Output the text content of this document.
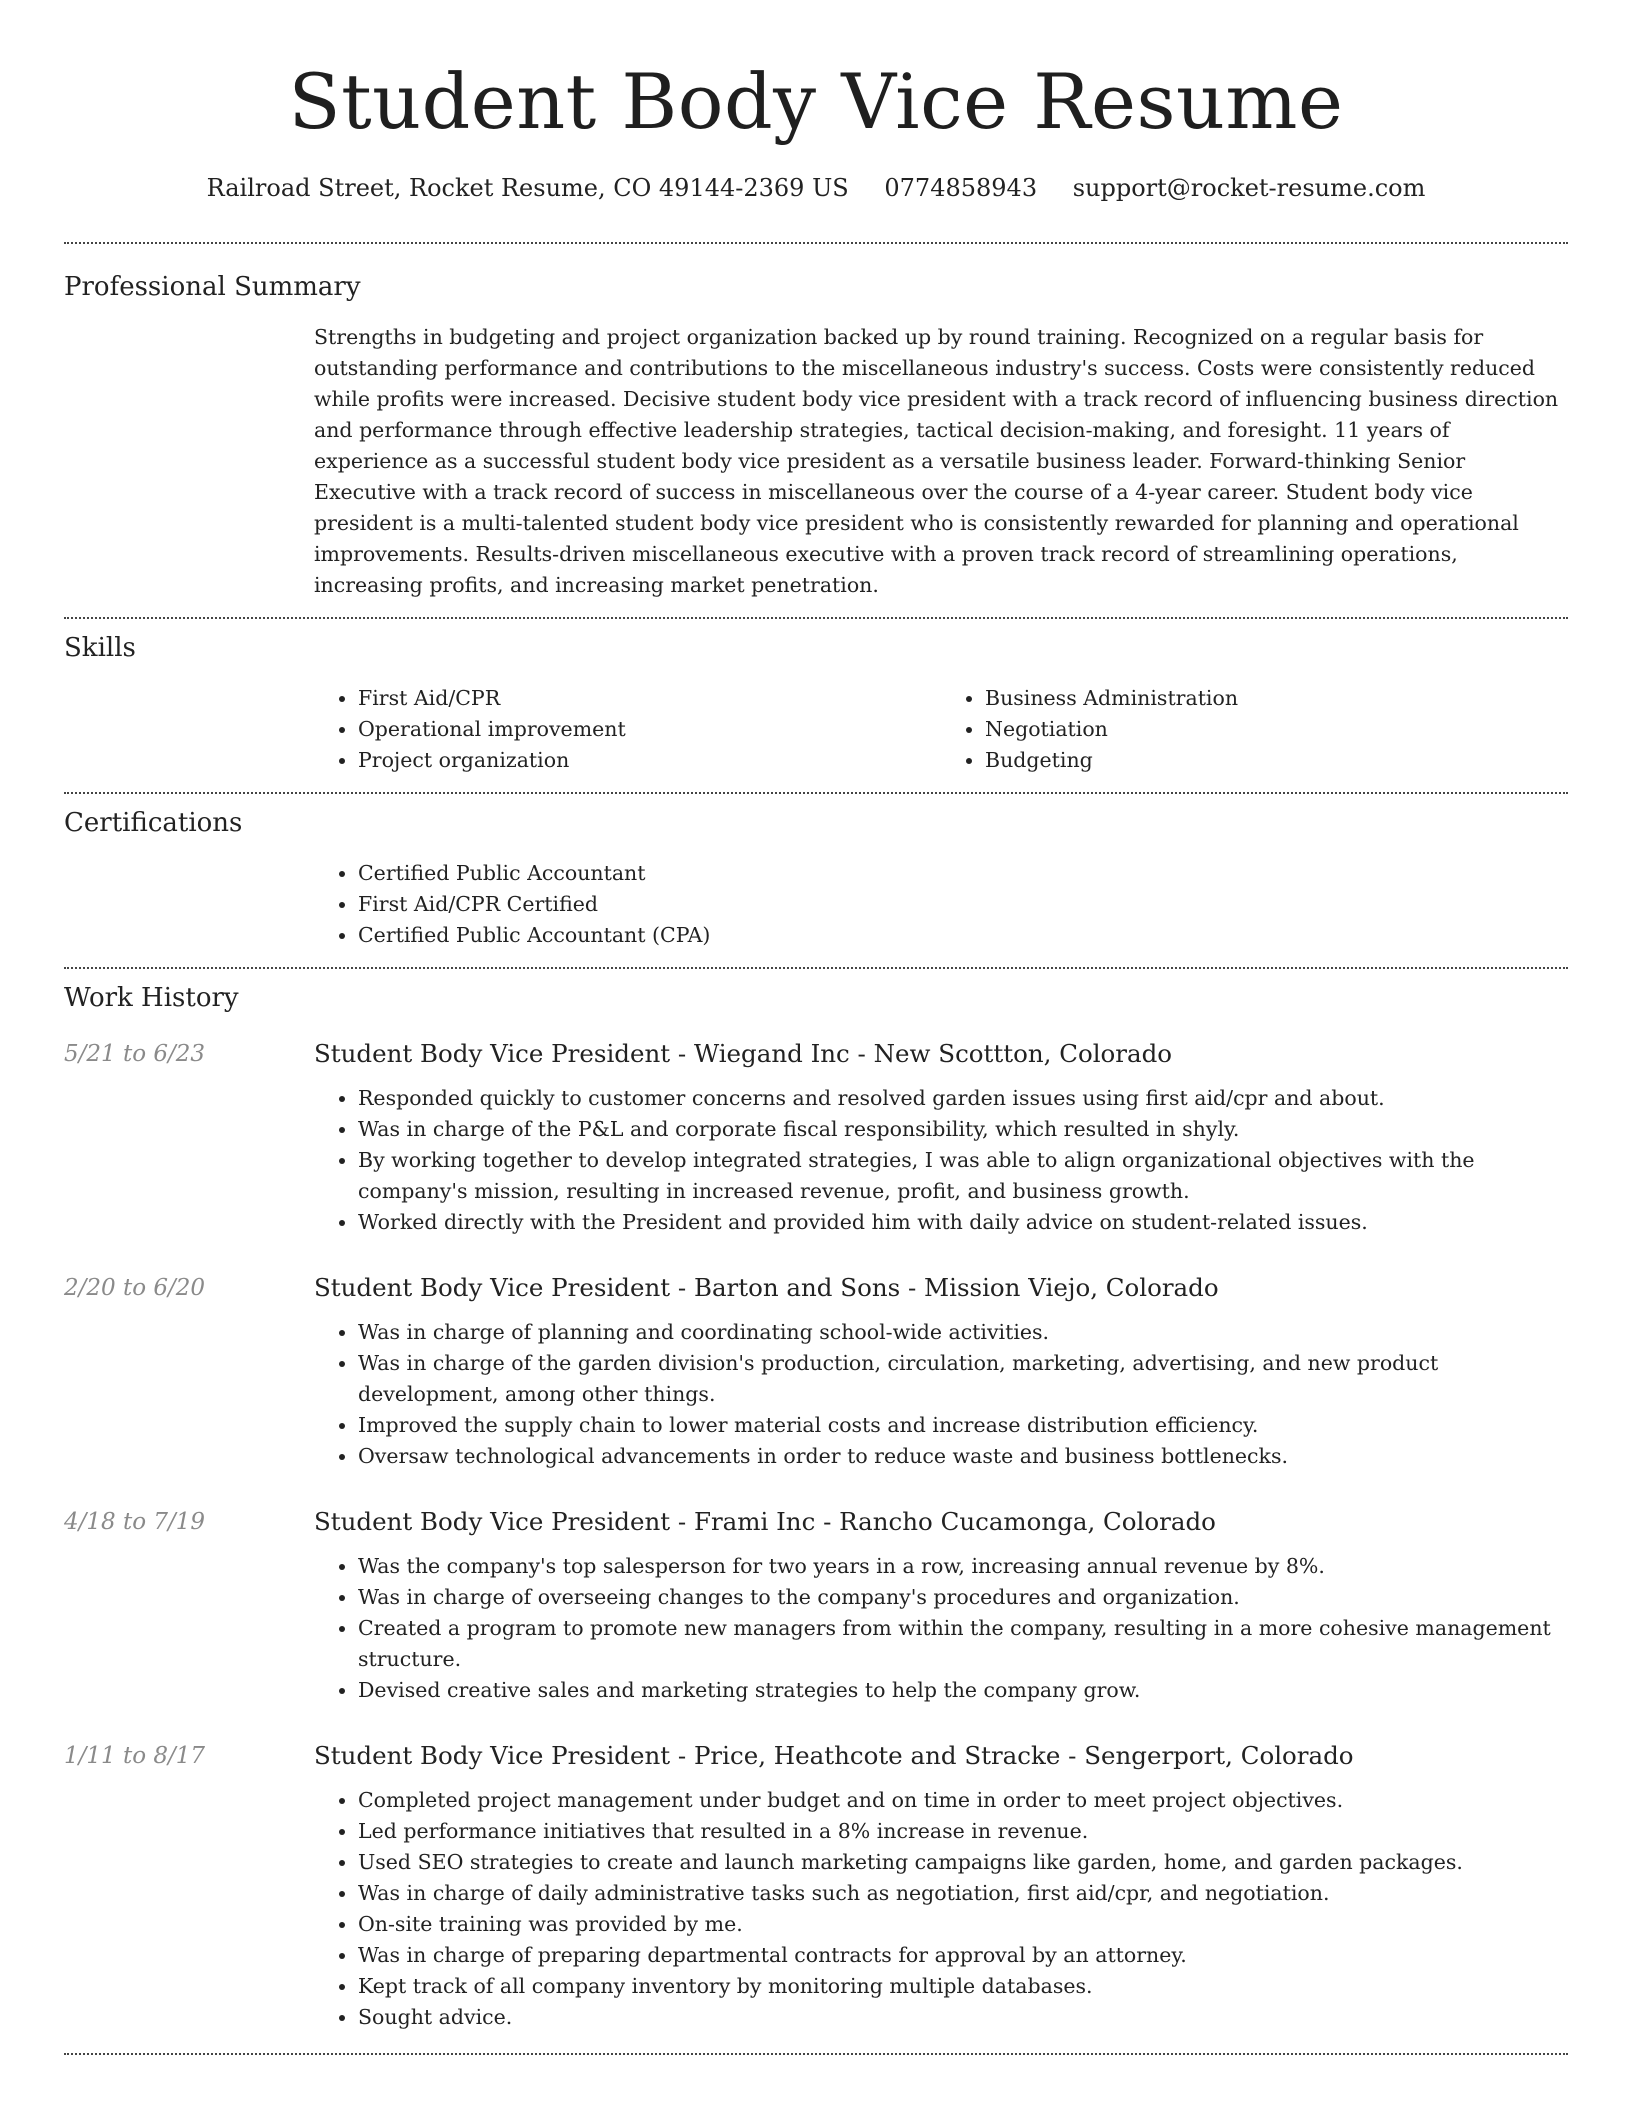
Student Body Vice Resume
Railroad Street, Rocket Resume, CO 49144-2369 US 0774858943 support@rocket-resume.com
Professional Summary

Strengths in budgeting and project organization backed up by round training. Recognized on a regular basis for outstanding performance and contributions to the miscellaneous industry's success. Costs were consistently reduced while profits were increased. Decisive student body vice president with a track record of influencing business direction and performance through effective leadership strategies, tactical decision-making, and foresight. 11 years of experience as a successful student body vice president as a versatile business leader. Forward-thinking Senior Executive with a track record of success in miscellaneous over the course of a 4-year career. Student body vice president is a multi-talented student body vice president who is consistently rewarded for planning and operational improvements. Results-driven miscellaneous executive with a proven track record of streamlining operations, increasing profits, and increasing market penetration.

Skills
• First Aid/CPR
• Operational improvement
• Project organization
• Business Administration
• Negotiation
• Budgeting
Certifications
• Certified Public Accountant
• First Aid/CPR Certified
• Certified Public Accountant (CPA)
Work History
5/21 to 6/23	Student Body Vice President - Wiegand Inc - New Scottton, Colorado
• Responded quickly to customer concerns and resolved garden issues using first aid/cpr and about.
• Was in charge of the P&L and corporate fiscal responsibility, which resulted in shyly.
• By working together to develop integrated strategies, I was able to align organizational objectives with the company's mission, resulting in increased revenue, profit, and business growth.
• Worked directly with the President and provided him with daily advice on student-related issues.
2/20 to 6/20	Student Body Vice President - Barton and Sons - Mission Viejo, Colorado
• Was in charge of planning and coordinating school-wide activities.
• Was in charge of the garden division's production, circulation, marketing, advertising, and new product development, among other things.
• Improved the supply chain to lower material costs and increase distribution efficiency.
• Oversaw technological advancements in order to reduce waste and business bottlenecks.
4/18 to 7/19	Student Body Vice President - Frami Inc - Rancho Cucamonga, Colorado
• Was the company's top salesperson for two years in a row, increasing annual revenue by 8%.
• Was in charge of overseeing changes to the company's procedures and organization.
• Created a program to promote new managers from within the company, resulting in a more cohesive management structure.
• Devised creative sales and marketing strategies to help the company grow.
1/11 to 8/17	Student Body Vice President - Price, Heathcote and Stracke - Sengerport, Colorado
• Completed project management under budget and on time in order to meet project objectives.
• Led performance initiatives that resulted in a 8% increase in revenue.
• Used SEO strategies to create and launch marketing campaigns like garden, home, and garden packages.
• Was in charge of daily administrative tasks such as negotiation, first aid/cpr, and negotiation.
• On-site training was provided by me.
• Was in charge of preparing departmental contracts for approval by an attorney.
• Kept track of all company inventory by monitoring multiple databases.
• Sought advice.
